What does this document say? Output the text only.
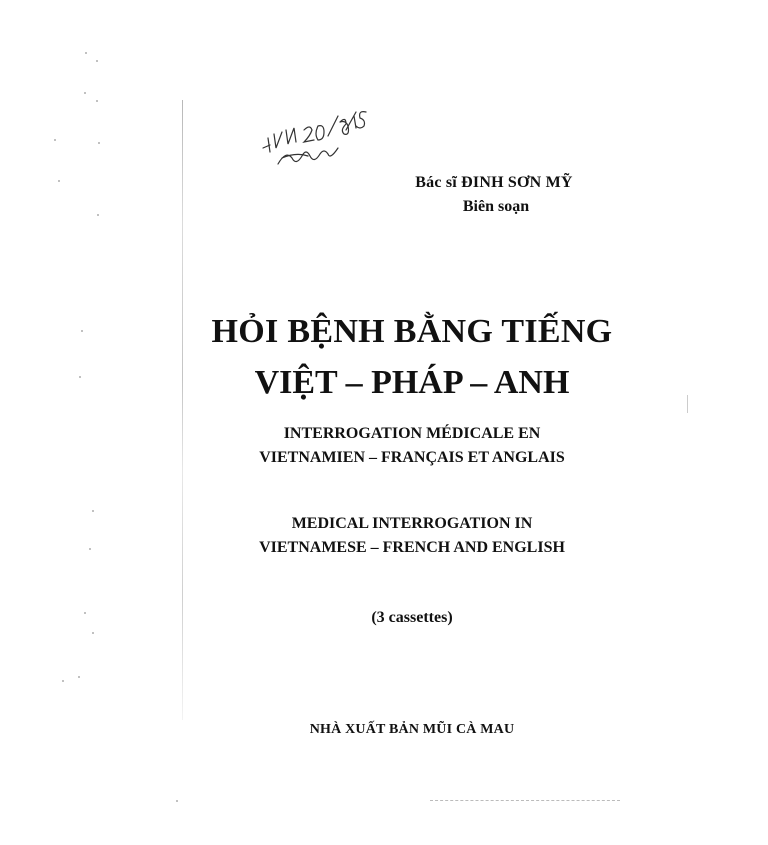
Bác sĩ ĐINH SƠN MỸ

Biên soạn

HỎI BỆNH BẰNG TIẾNG
VIỆT – PHÁP – ANH

INTERROGATION MÉDICALE EN

VIETNAMIEN – FRANÇAIS ET ANGLAIS

MEDICAL INTERROGATION IN

VIETNAMESE – FRENCH AND ENGLISH

(3 cassettes)

NHÀ XUẤT BẢN MŨI CÀ MAU
